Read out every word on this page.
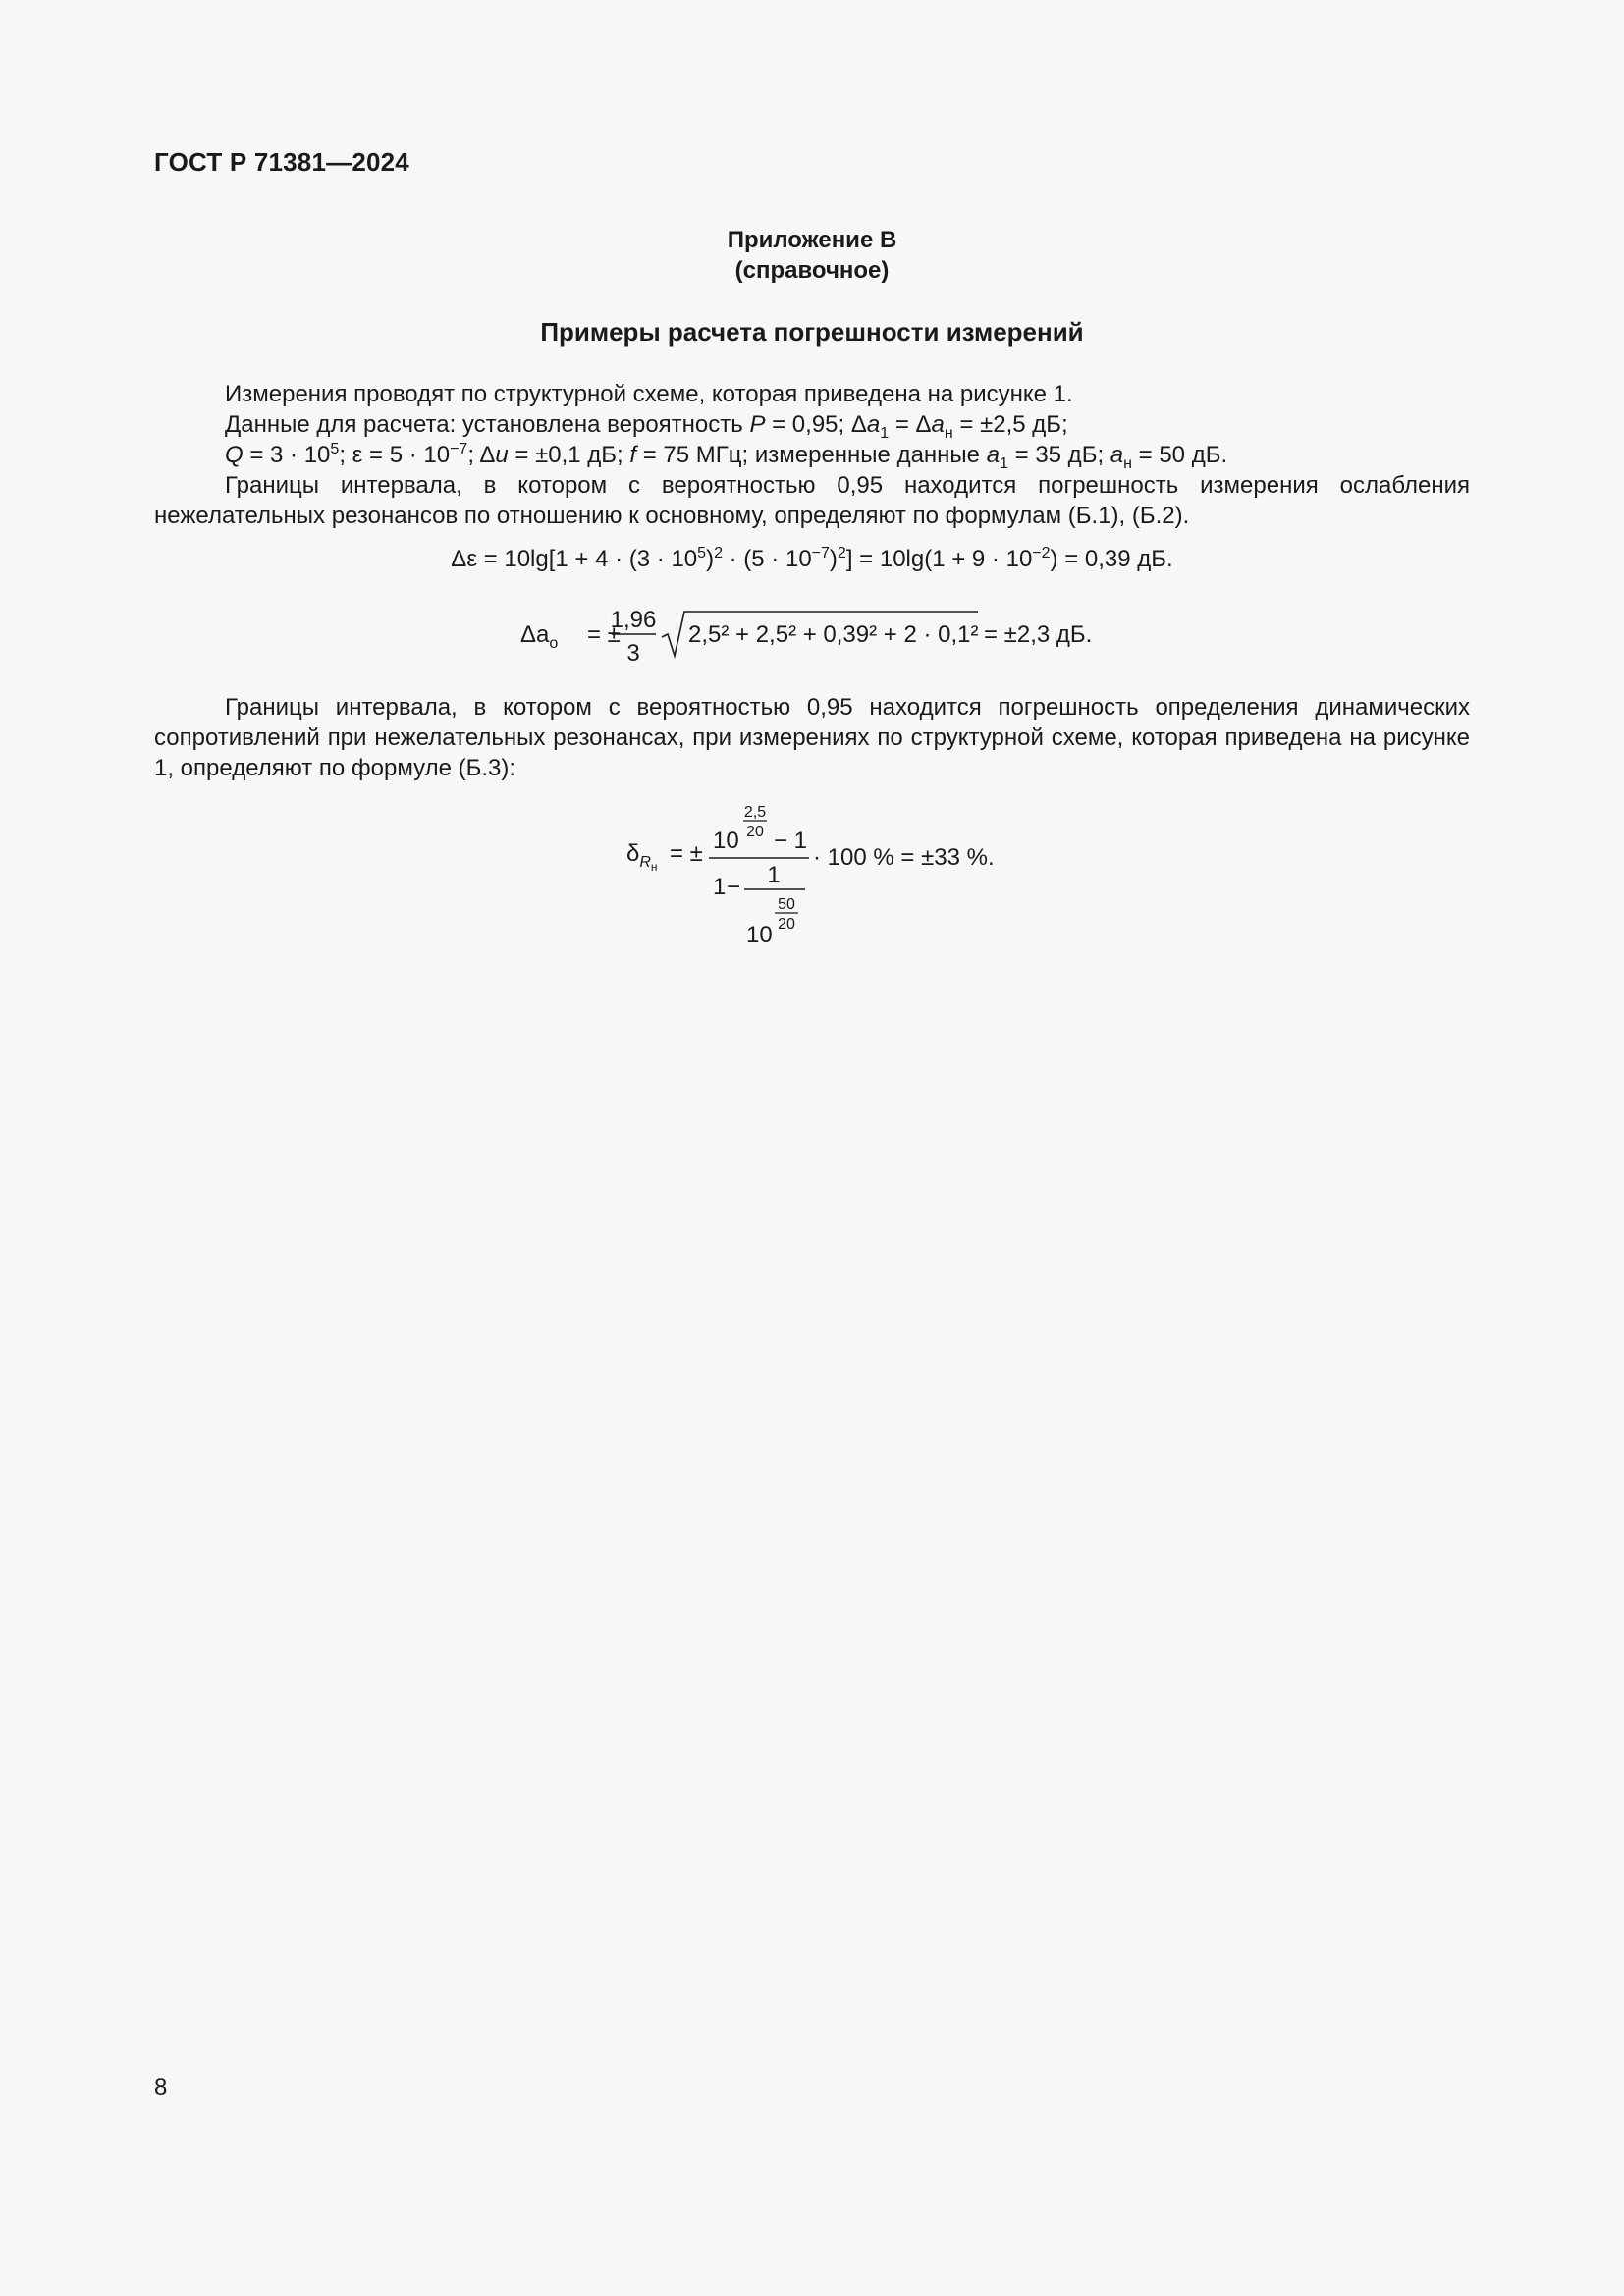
ГОСТ Р 71381—2024
Приложение В
(справочное)
Примеры расчета погрешности измерений
Измерения проводят по структурной схеме, которая приведена на рисунке 1.
Данные для расчета: установлена вероятность P = 0,95; $\Delta a_1 = \Delta a_н = \pm 2,5$ дБ;
$Q = 3 \cdot 10^5$; $\varepsilon = 5 \cdot 10^{-7}$; Δu = ±0,1 дБ; f = 75 МГц; измеренные данные $a_1 = 35$ дБ; $a_н = 50$ дБ.
Границы интервала, в котором с вероятностью 0,95 находится погрешность измерения ослабления нежелательных резонансов по отношению к основному, определяют по формулам (Б.1), (Б.2).
$\Delta\varepsilon = 10\lg[1 + 4 \cdot (3 \cdot 10^5)^2 \cdot (5 \cdot 10^{-7})^2] = 10\lg(1 + 9 \cdot 10^{-2}) = 0,39$ дБ.
$\Delta a_о$ = ±
1,96
3
2,5² + 2,5² + 0,39² + 2 · 0,1² = ±2,3 дБ.
Границы интервала, в котором с вероятностью 0,95 находится погрешность определения динамических сопротивлений при нежелательных резонансах, при измерениях по структурной схеме, которая приведена на рисунке 1, определяют по формуле (Б.3):
$\delta_Rн$ = ± 10
2,5
20 − 1
1 − 1
10
50
20
· 100 % = ±33 %.
8
